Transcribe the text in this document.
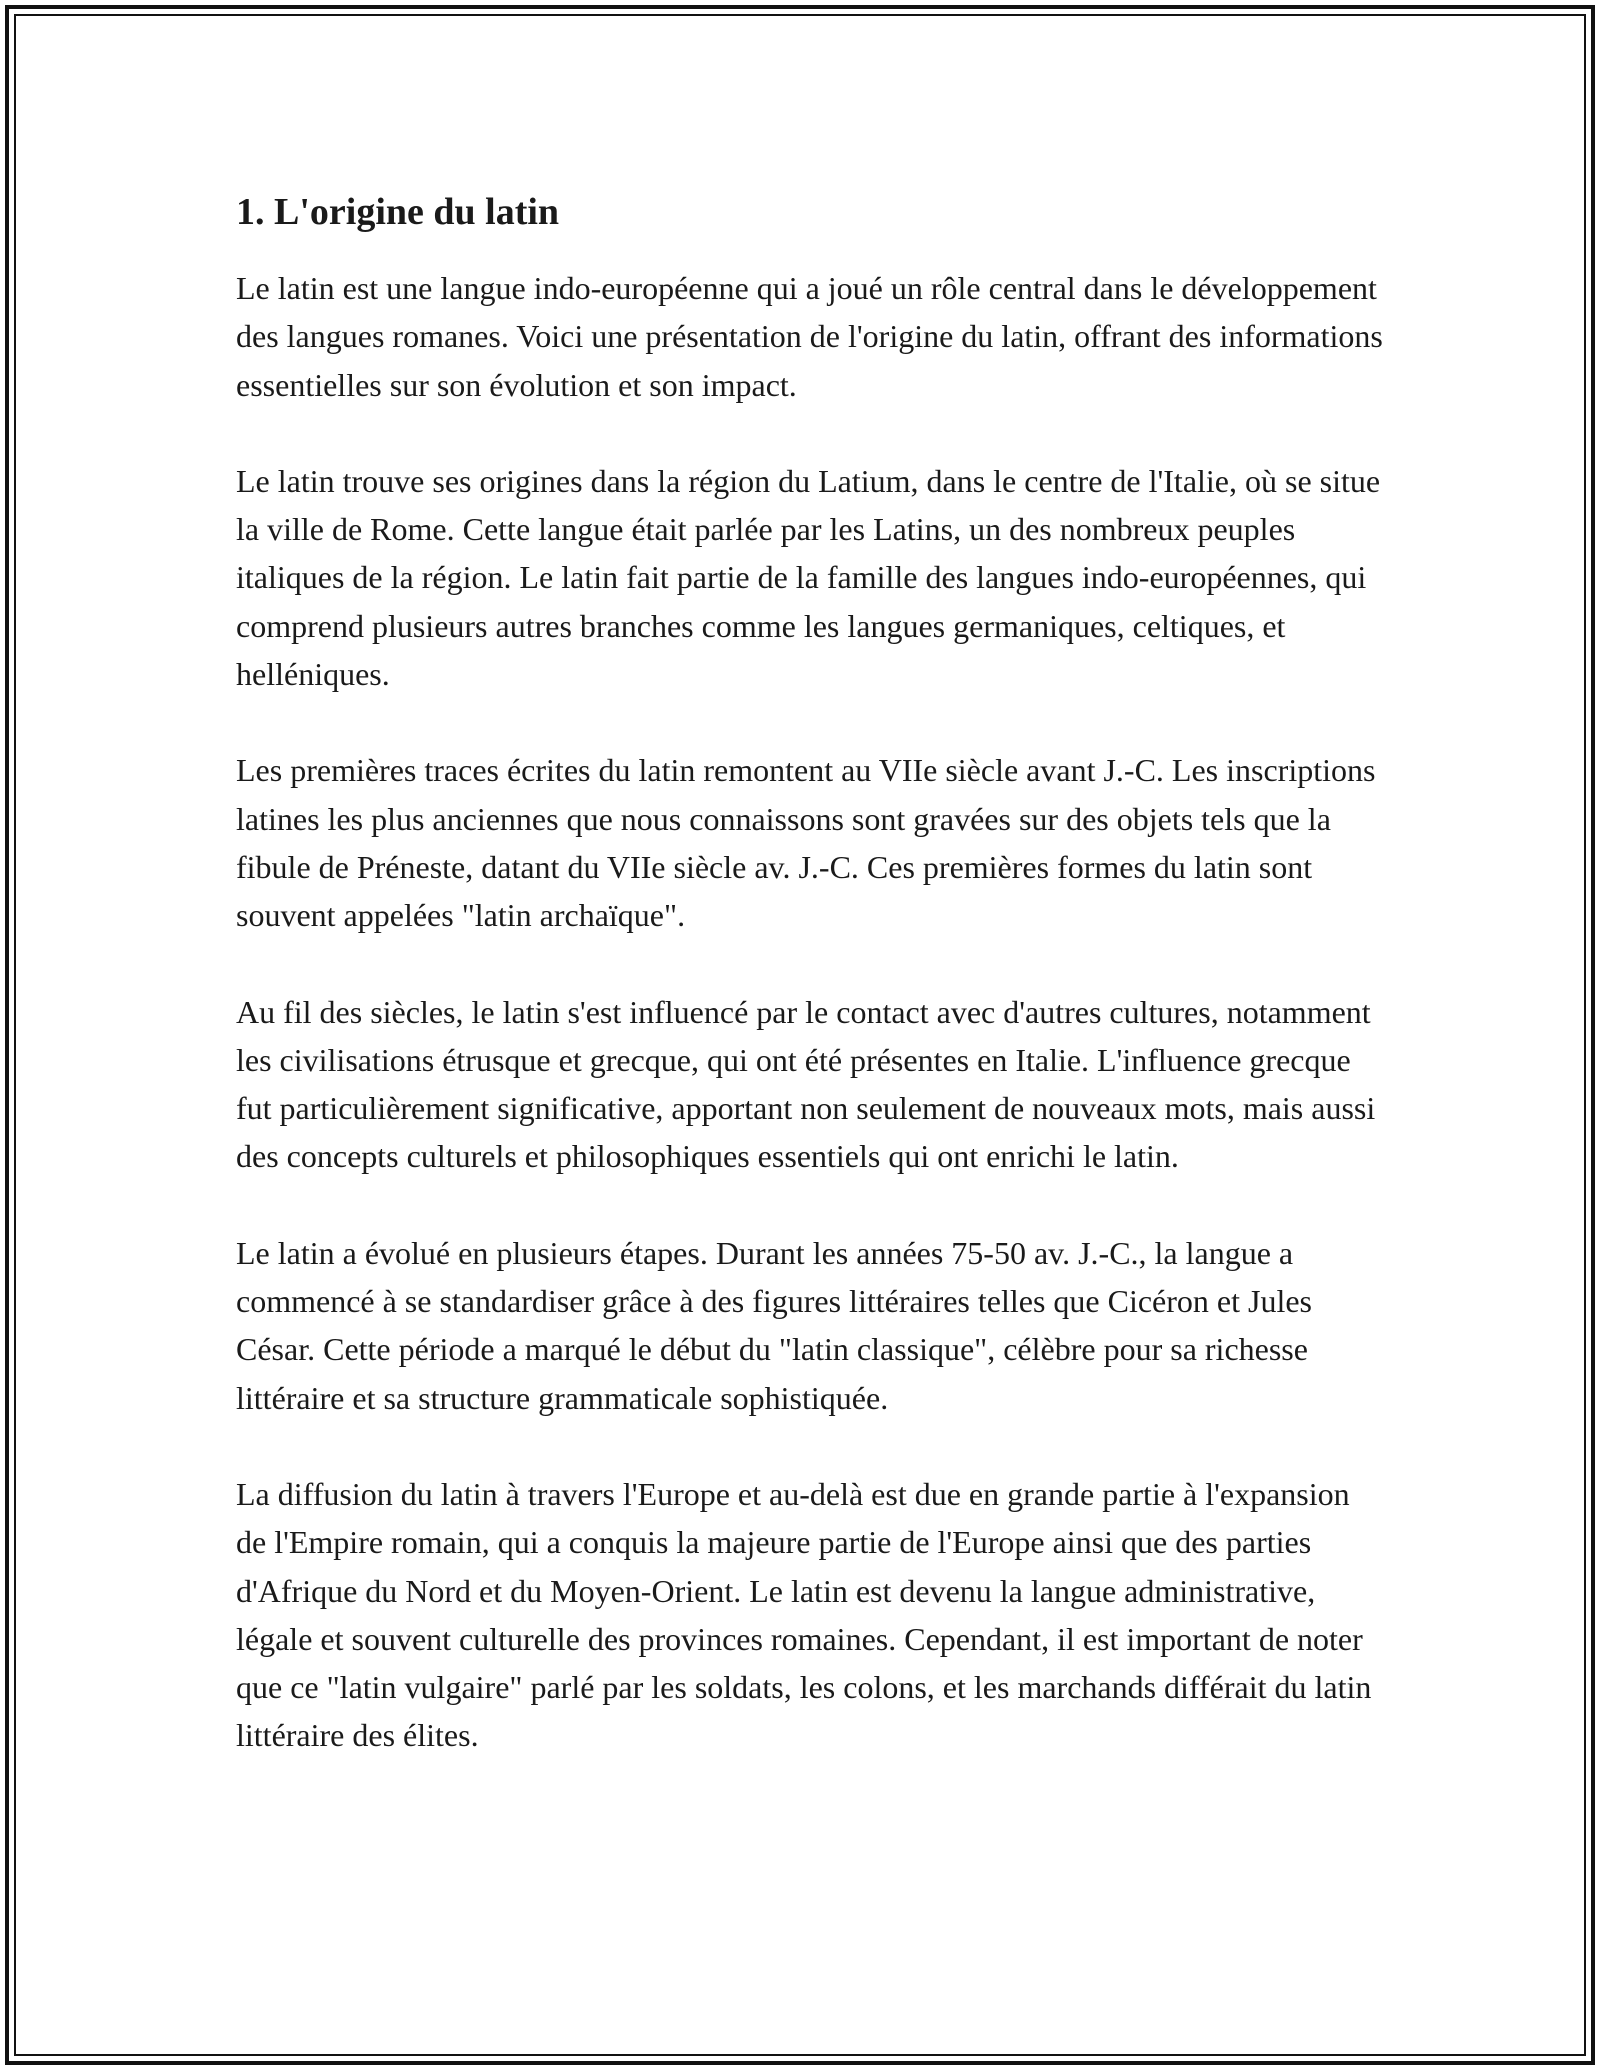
1. L'origine du latin

Le latin est une langue indo-européenne qui a joué un rôle central dans le développement des langues romanes. Voici une présentation de l'origine du latin, offrant des informations essentielles sur son évolution et son impact.

Le latin trouve ses origines dans la région du Latium, dans le centre de l'Italie, où se situe la ville de Rome. Cette langue était parlée par les Latins, un des nombreux peuples italiques de la région. Le latin fait partie de la famille des langues indo-européennes, qui comprend plusieurs autres branches comme les langues germaniques, celtiques, et helléniques.

Les premières traces écrites du latin remontent au VIIe siècle avant J.-C. Les inscriptions latines les plus anciennes que nous connaissons sont gravées sur des objets tels que la fibule de Préneste, datant du VIIe siècle av. J.-C. Ces premières formes du latin sont souvent appelées "latin archaïque".

Au fil des siècles, le latin s'est influencé par le contact avec d'autres cultures, notamment les civilisations étrusque et grecque, qui ont été présentes en Italie. L'influence grecque fut particulièrement significative, apportant non seulement de nouveaux mots, mais aussi des concepts culturels et philosophiques essentiels qui ont enrichi le latin.

Le latin a évolué en plusieurs étapes. Durant les années 75-50 av. J.-C., la langue a commencé à se standardiser grâce à des figures littéraires telles que Cicéron et Jules César. Cette période a marqué le début du "latin classique", célèbre pour sa richesse littéraire et sa structure grammaticale sophistiquée.

La diffusion du latin à travers l'Europe et au-delà est due en grande partie à l'expansion de l'Empire romain, qui a conquis la majeure partie de l'Europe ainsi que des parties d'Afrique du Nord et du Moyen-Orient. Le latin est devenu la langue administrative, légale et souvent culturelle des provinces romaines. Cependant, il est important de noter que ce "latin vulgaire" parlé par les soldats, les colons, et les marchands différait du latin littéraire des élites.
